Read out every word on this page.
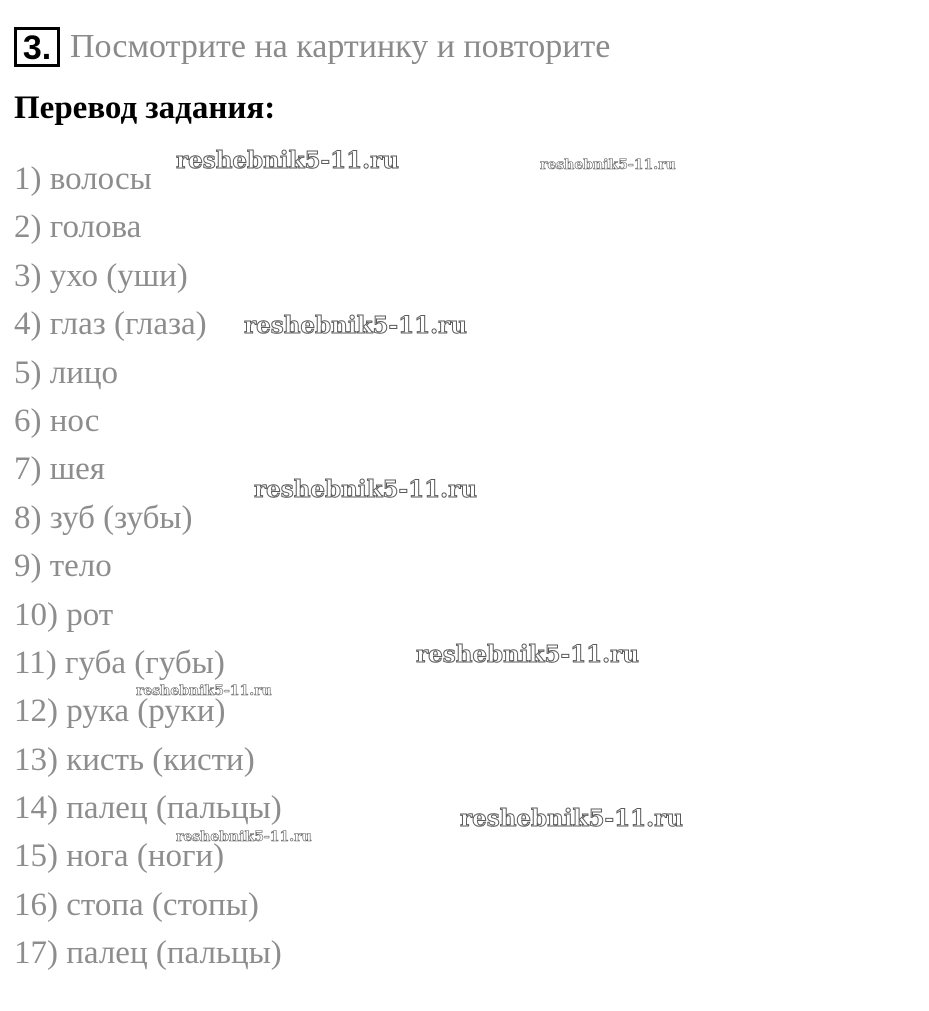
3. Посмотрите на картинку и повторите
Перевод задания:
1) волосы
2) голова
3) ухо (уши)
4) глаз (глаза)
5) лицо
6) нос
7) шея
8) зуб (зубы)
9) тело
10) рот
11) губа (губы)
12) рука (руки)
13) кисть (кисти)
14) палец (пальцы)
15) нога (ноги)
16) стопа (стопы)
17) палец (пальцы)
reshebnik5-11.ru	reshebnik5-11.ru
reshebnik5-11.ru
reshebnik5-11.ru
reshebnik5-11.ru
reshebnik5-11.ru
reshebnik5-11.ru
reshebnik5-11.ru
